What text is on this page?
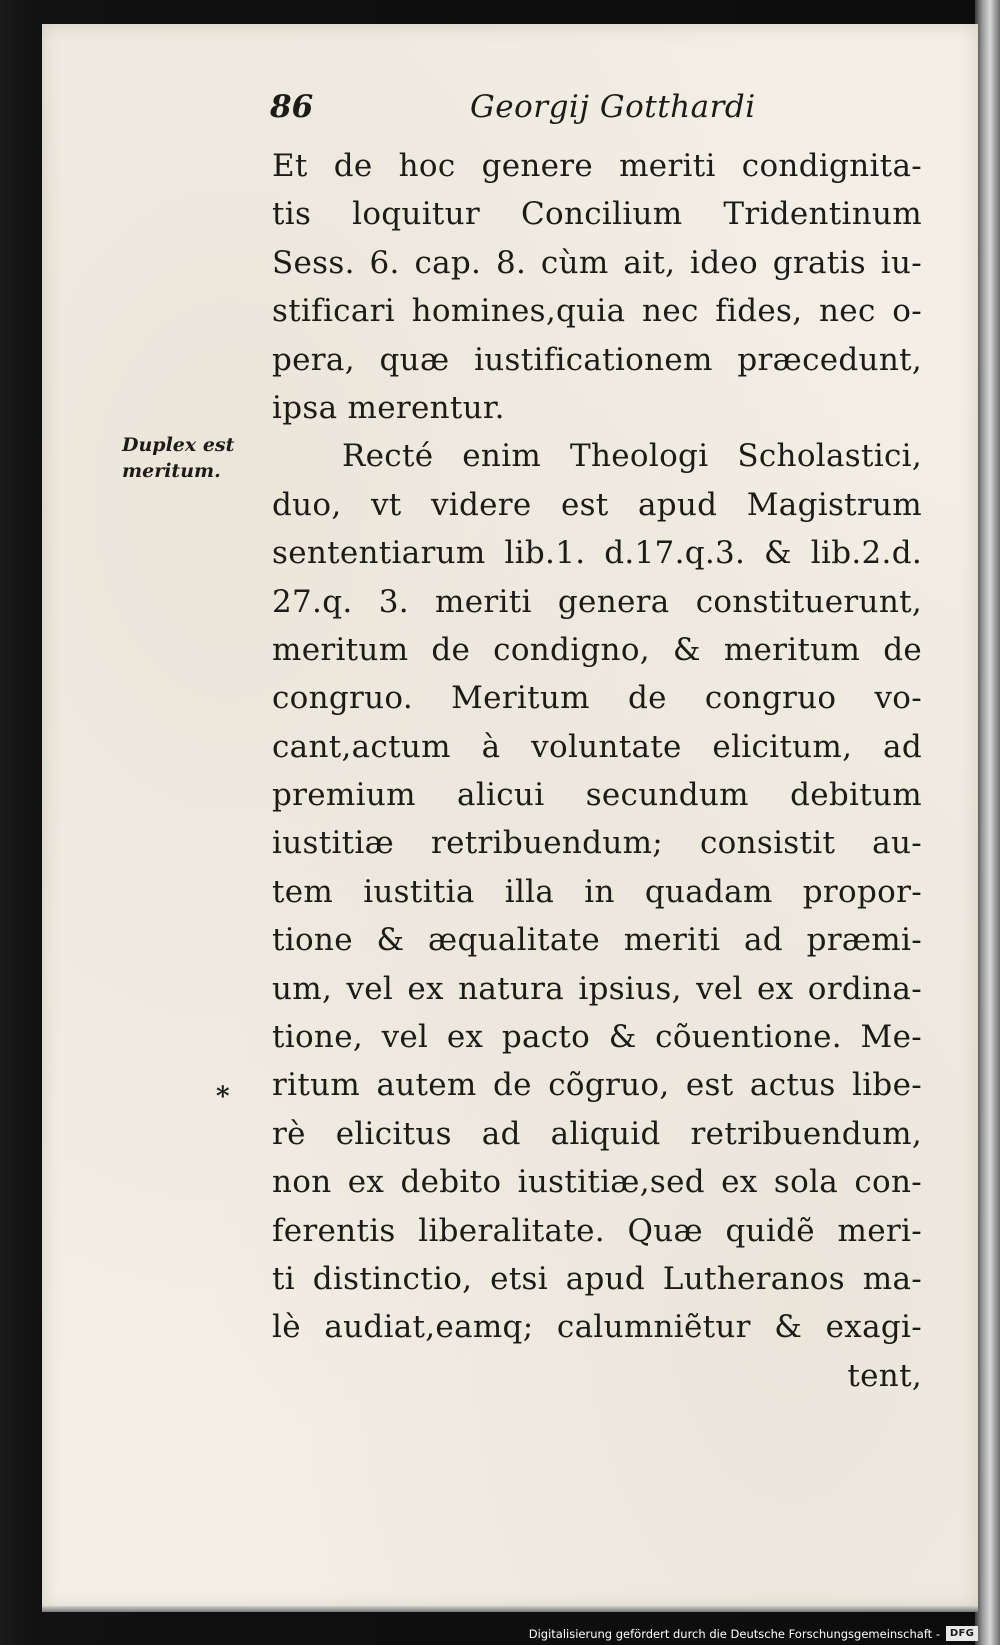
86	Georgij Gotthardi
Duplex est
meritum.
*
Et de hoc genere meriti condignita-
tis loquitur Concilium Tridentinum
Sess. 6. cap. 8. cùm ait, ideo gratis iu-
stificari homines,quia nec fides, nec o-
pera, quæ iustificationem præcedunt,
ipsa merentur.
Recté enim Theologi Scholastici,
duo, vt videre est apud Magistrum
sententiarum lib.1. d.17.q.3. & lib.2.d.
27.q. 3. meriti genera constituerunt,
meritum de condigno, & meritum de
congruo. Meritum de congruo vo-
cant,actum à voluntate elicitum, ad
premium alicui secundum debitum
iustitiæ retribuendum; consistit au-
tem iustitia illa in quadam propor-
tione & æqualitate meriti ad præmi-
um, vel ex natura ipsius, vel ex ordina-
tione, vel ex pacto & cõuentione. Me-
ritum autem de cõgruo, est actus libe-
rè elicitus ad aliquid retribuendum,
non ex debito iustitiæ,sed ex sola con-
ferentis liberalitate. Quæ quidẽ meri-
ti distinctio, etsi apud Lutheranos ma-
lè audiat,eamq; calumniẽtur & exagi-
tent,
Digitalisierung gefördert durch die Deutsche Forschungsgemeinschaft - DFG
